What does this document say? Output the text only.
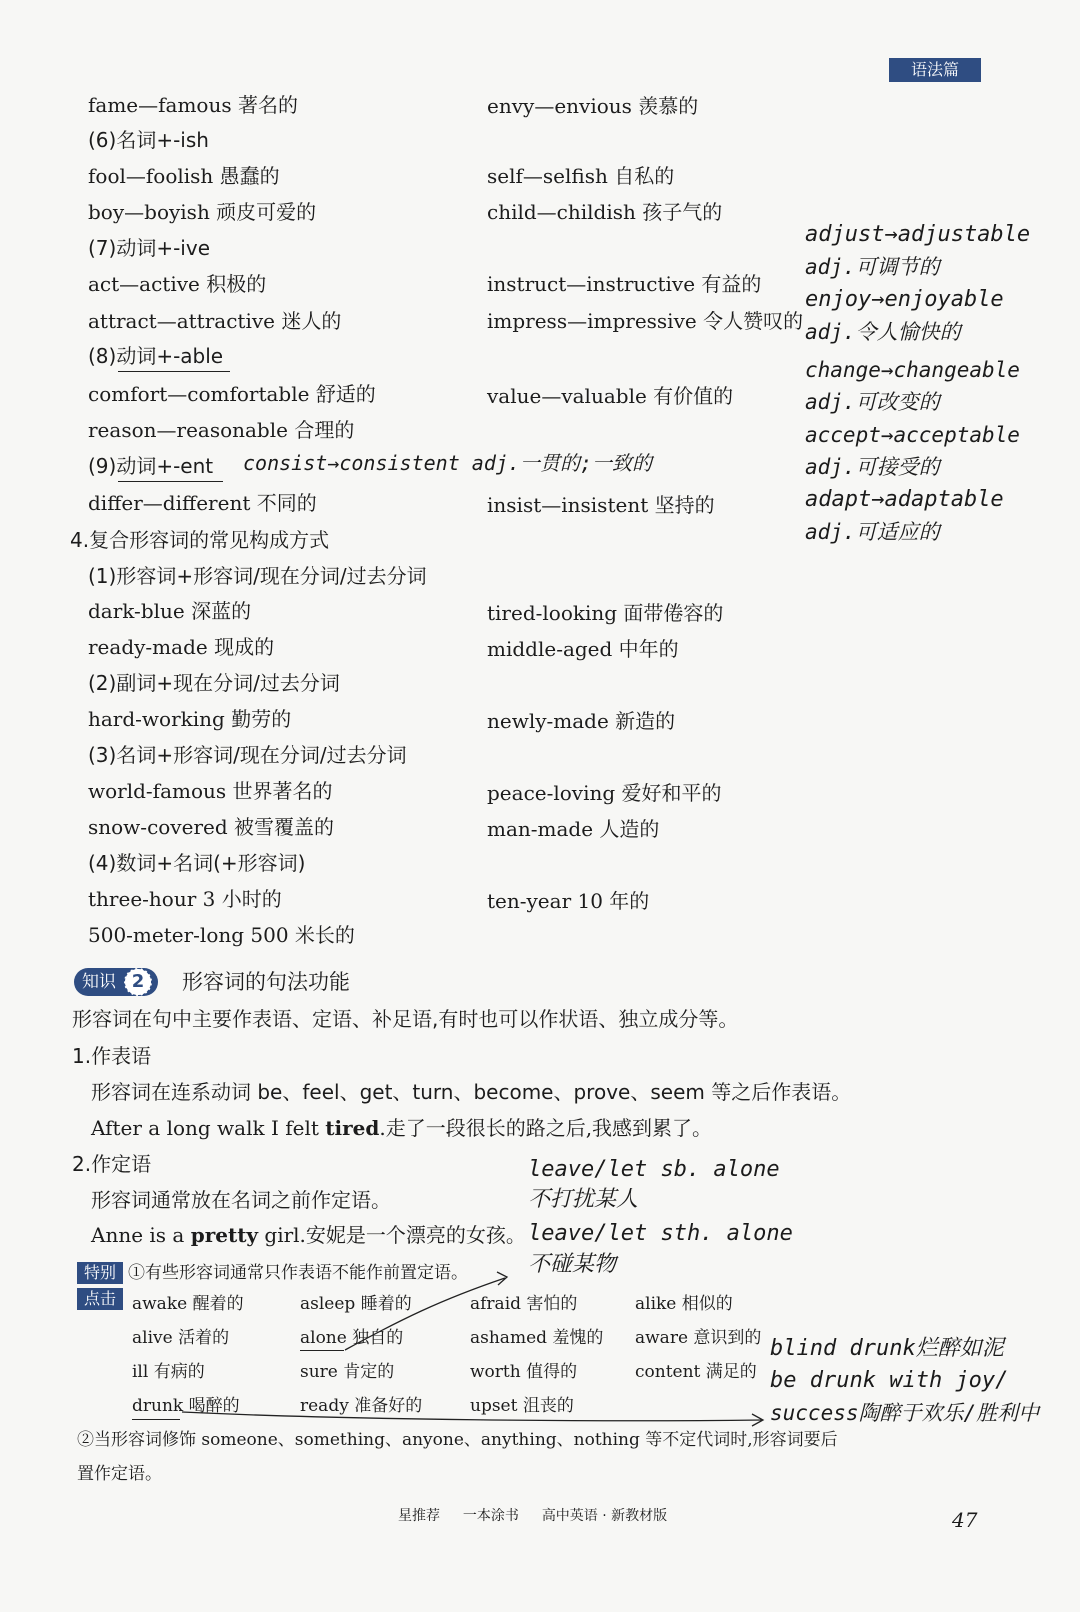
语法篇
fame—famous 著名的	envy—envious 羡慕的
(6)名词+-ish
fool—foolish 愚蠢的	self—selfish 自私的
boy—boyish 顽皮可爱的	child—childish 孩子气的
(7)动词+-ive
act—active 积极的	instruct—instructive 有益的
attract—attractive 迷人的	impress—impressive 令人赞叹的
(8)动词+-able
comfort—comfortable 舒适的	value—valuable 有价值的
reason—reasonable 合理的
(9)动词+-ent consist→consistent adj.一贯的;一致的
differ—different 不同的	insist—insistent 坚持的
adjust→adjustable
adj.可调节的
enjoy→enjoyable
adj.令人愉快的
change→changeable
adj.可改变的
accept→acceptable
adj.可接受的
adapt→adaptable
adj.可适应的
4.复合形容词的常见构成方式
(1)形容词+形容词/现在分词/过去分词
dark-blue 深蓝的	tired-looking 面带倦容的
ready-made 现成的	middle-aged 中年的
(2)副词+现在分词/过去分词
hard-working 勤劳的	newly-made 新造的
(3)名词+形容词/现在分词/过去分词
world-famous 世界著名的	peace-loving 爱好和平的
snow-covered 被雪覆盖的	man-made 人造的
(4)数词+名词(+形容词)
three-hour 3 小时的	ten-year 10 年的
500-meter-long 500 米长的
知识 2	形容词的句法功能
形容词在句中主要作表语、定语、补足语,有时也可以作状语、独立成分等。
1.作表语
形容词在连系动词 be、feel、get、turn、become、prove、seem 等之后作表语。
After a long walk I felt tired.走了一段很长的路之后,我感到累了。
2.作定语
形容词通常放在名词之前作定语。
Anne is a pretty girl.安妮是一个漂亮的女孩。
leave/let sb. alone
不打扰某人
leave/let sth. alone
不碰某物
特别
点击
①有些形容词通常只作表语不能作前置定语。
awake 醒着的	asleep 睡着的	afraid 害怕的	alike 相似的
alive 活着的	alone 独自的	ashamed 羞愧的 aware 意识到的
ill 有病的	sure 肯定的	worth 值得的	content 满足的
drunk 喝醉的	ready 准备好的	upset 沮丧的
②当形容词修饰 someone、something、anyone、anything、nothing 等不定代词时,形容词要后
置作定语。
blind drunk烂醉如泥
be drunk with joy/
success陶醉于欢乐/胜利中
星推荐 一本涂书 高中英语 · 新教材版	47
